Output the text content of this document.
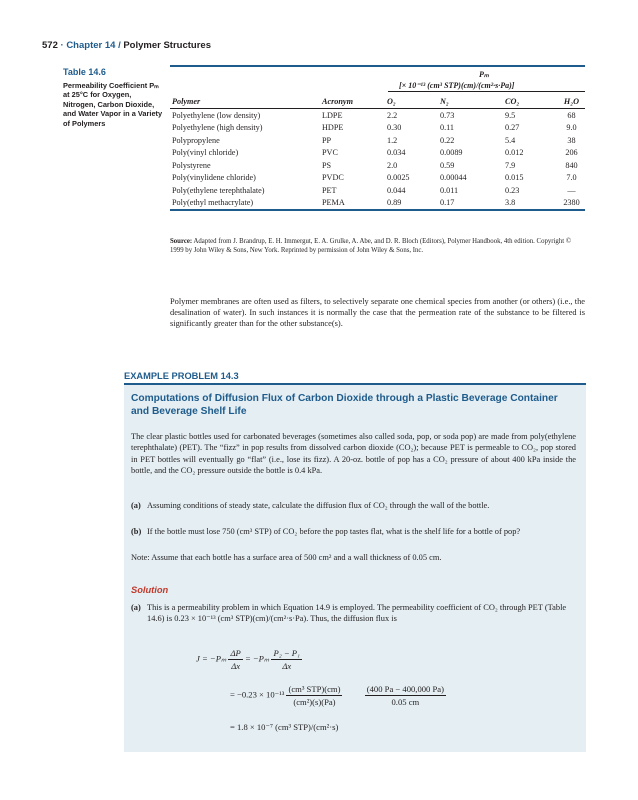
572 · Chapter 14 / Polymer Structures
Table 14.6
Permeability Coefficient Pₘ at 25°C for Oxygen, Nitrogen, Carbon Dioxide, and Water Vapor in a Variety of Polymers
Pₘ
[× 10⁻¹³ (cm³ STP)(cm)/(cm²·s·Pa)]
Polymer	Acronym	O₂	N₂	CO₂	H₂O
Polyethylene (low density)	LDPE	2.2	0.73	9.5	68
Polyethylene (high density)	HDPE	0.30	0.11	0.27	9.0
Polypropylene	PP	1.2	0.22	5.4	38
Poly(vinyl chloride)	PVC	0.034	0.0089	0.012	206
Polystyrene	PS	2.0	0.59	7.9	840
Poly(vinylidene chloride)	PVDC	0.0025	0.00044	0.015	7.0
Poly(ethylene terephthalate)	PET	0.044	0.011	0.23	—
Poly(ethyl methacrylate)	PEMA	0.89	0.17	3.8	2380
Source: Adapted from J. Brandrup, E. H. Immergut, E. A. Grulke, A. Abe, and D. R. Bloch (Editors), Polymer Handbook, 4th edition. Copyright © 1999 by John Wiley & Sons, New York. Reprinted by permission of John Wiley & Sons, Inc.
Polymer membranes are often used as filters, to selectively separate one chemical species from another (or others) (i.e., the desalination of water). In such instances it is normally the case that the permeation rate of the substance to be filtered is significantly greater than for the other substance(s).
EXAMPLE PROBLEM 14.3
Computations of Diffusion Flux of Carbon Dioxide through a Plastic Beverage Container and Beverage Shelf Life
The clear plastic bottles used for carbonated beverages (sometimes also called soda, pop, or soda pop) are made from poly(ethylene terephthalate) (PET). The “fizz” in pop results from dissolved carbon dioxide (CO₂); because PET is permeable to CO₂, pop stored in PET bottles will eventually go “flat” (i.e., lose its fizz). A 20-oz. bottle of pop has a CO₂ pressure of about 400 kPa inside the bottle, and the CO₂ pressure outside the bottle is 0.4 kPa.
(a) Assuming conditions of steady state, calculate the diffusion flux of CO₂ through the wall of the bottle.
(b) If the bottle must lose 750 (cm³ STP) of CO₂ before the pop tastes flat, what is the shelf life for a bottle of pop?
Note: Assume that each bottle has a surface area of 500 cm² and a wall thickness of 0.05 cm.
Solution
(a) This is a permeability problem in which Equation 14.9 is employed. The permeability coefficient of CO₂ through PET (Table 14.6) is 0.23 × 10⁻¹³ (cm³ STP)(cm)/(cm²·s·Pa). Thus, the diffusion flux is
$J = -P_m \frac{\Delta P}{\Delta x} = -P_m \frac{\text{P₂ − P₁}}{\Delta x}$
= $-0.23 \times 10^{-13} \frac{\text{(cm³ STP)(cm)}}{\text{(cm²)(s)(Pa)}}$
	$\frac{(400 Pa - 400,000 Pa)}{0.05 cm}$
= 1.8 × 10⁻⁷ (cm³ STP)/(cm²·s)
